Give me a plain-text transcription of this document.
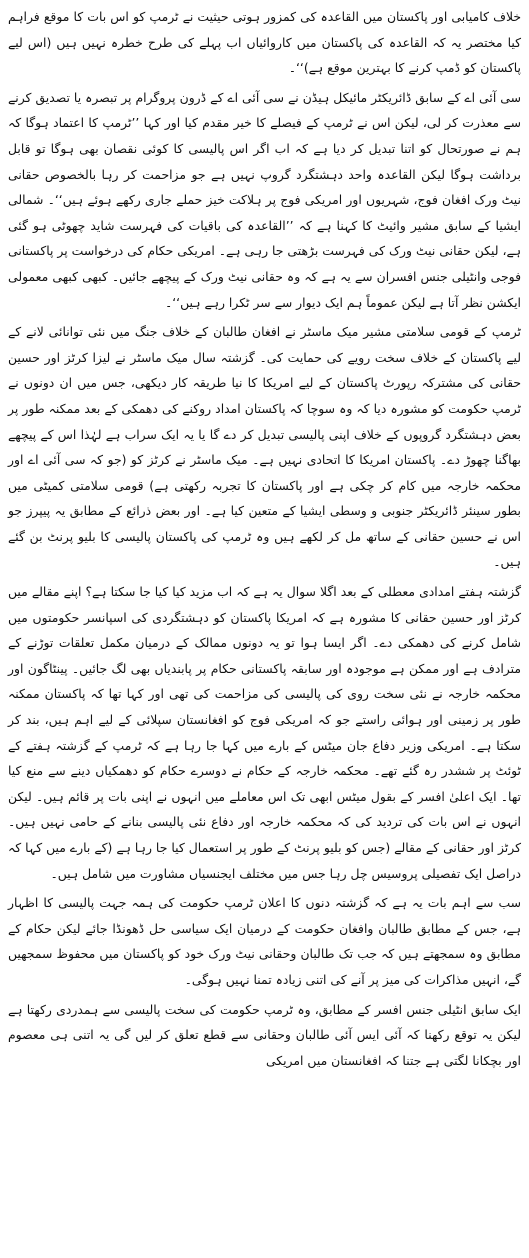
خلاف کامیابی اور پاکستان میں القاعدہ کی کمزور ہوتی حیثیت نے ٹرمپ کو اس بات کا موقع فراہم کیا مختصر یہ کہ القاعدہ کی پاکستان میں کاروائیاں اب پہلے کی طرح خطرہ نہیں ہیں (اس لیے پاکستان کو ڈمپ کرنے کا بہترین موقع ہے)‘‘۔

سی آئی اے کے سابق ڈائریکٹر مائیکل ہیڈن نے سی آئی اے کے ڈرون پروگرام پر تبصرہ یا تصدیق کرنے سے معذرت کر لی، لیکن اس نے ٹرمپ کے فیصلے کا خیر مقدم کیا اور کہا ’’ٹرمپ کا اعتماد ہوگا کہ ہم نے صورتحال کو اتنا تبدیل کر دیا ہے کہ اب اگر اس پالیسی کا کوئی نقصان بھی ہوگا تو قابل برداشت ہوگا لیکن القاعدہ واحد دہشتگرد گروپ نہیں ہے جو مزاحمت کر رہا بالخصوص حقانی نیٹ ورک افغان فوج، شہریوں اور امریکی فوج پر ہلاکت خیز حملے جاری رکھے ہوئے ہیں‘‘۔ شمالی ایشیا کے سابق مشیر وائیٹ کا کہنا ہے کہ ’’القاعدہ کی باقیات کی فہرست شاید چھوٹی ہو گئی ہے، لیکن حقانی نیٹ ورک کی فہرست بڑھتی جا رہی ہے۔ امریکی حکام کی درخواست پر پاکستانی فوجی وانٹیلی جنس افسران سے یہ ہے کہ وہ حقانی نیٹ ورک کے پیچھے جائیں۔ کبھی کبھی معمولی ایکشن نظر آتا ہے لیکن عموماً ہم ایک دیوار سے سر ٹکرا رہے ہیں‘‘۔

ٹرمپ کے قومی سلامتی مشیر میک ماسٹر نے افغان طالبان کے خلاف جنگ میں نئی توانائی لانے کے لیے پاکستان کے خلاف سخت رویے کی حمایت کی۔ گزشتہ سال میک ماسٹر نے لیزا کرٹز اور حسین حقانی کی مشترکہ رپورٹ پاکستان کے لیے امریکا کا نیا طریقہ کار دیکھی، جس میں ان دونوں نے ٹرمپ حکومت کو مشورہ دیا کہ وہ سوچا کہ پاکستان امداد روکنے کی دھمکی کے بعد ممکنہ طور پر بعض دہشتگرد گروپوں کے خلاف اپنی پالیسی تبدیل کر دے گا یا یہ ایک سراب ہے لہٰذا اس کے پیچھے بھاگنا چھوڑ دے۔ پاکستان امریکا کا اتحادی نہیں ہے۔ میک ماسٹر نے کرٹز کو (جو کہ سی آئی اے اور محکمہ خارجہ میں کام کر چکی ہے اور پاکستان کا تجربہ رکھتی ہے) قومی سلامتی کمیٹی میں بطور سینئر ڈائریکٹر جنوبی و وسطی ایشیا کے متعین کیا ہے۔ اور بعض ذرائع کے مطابق یہ پیپرز جو اس نے حسین حقانی کے ساتھ مل کر لکھے ہیں وہ ٹرمپ کی پاکستان پالیسی کا بلیو پرنٹ بن گئے ہیں۔

گزشتہ ہفتے امدادی معطلی کے بعد اگلا سوال یہ ہے کہ اب مزید کیا کیا جا سکتا ہے؟ اپنے مقالے میں کرٹز اور حسین حقانی کا مشورہ ہے کہ امریکا پاکستان کو دہشتگردی کی اسپانسر حکومتوں میں شامل کرنے کی دھمکی دے۔ اگر ایسا ہوا تو یہ دونوں ممالک کے درمیان مکمل تعلقات توڑنے کے مترادف ہے اور ممکن ہے موجودہ اور سابقہ پاکستانی حکام پر پابندیاں بھی لگ جائیں۔ پینٹاگون اور محکمہ خارجہ نے نئی سخت روی کی پالیسی کی مزاحمت کی تھی اور کہا تھا کہ پاکستان ممکنہ طور پر زمینی اور ہوائی راستے جو کہ امریکی فوج کو افغانستان سپلائی کے لیے اہم ہیں، بند کر سکتا ہے۔ امریکی وزیر دفاع جان میٹس کے بارے میں کہا جا رہا ہے کہ ٹرمپ کے گزشتہ ہفتے کے ٹوئٹ پر ششدر رہ گئے تھے۔ محکمہ خارجہ کے حکام نے دوسرے حکام کو دھمکیاں دینے سے منع کیا تھا۔ ایک اعلیٰ افسر کے بقول میٹس ابھی تک اس معاملے میں انہوں نے اپنی بات پر قائم ہیں۔ لیکن انہوں نے اس بات کی تردید کی کہ محکمہ خارجہ اور دفاع نئی پالیسی بنانے کے حامی نہیں ہیں۔ کرٹز اور حقانی کے مقالے (جس کو بلیو پرنٹ کے طور پر استعمال کیا جا رہا ہے (کے بارے میں کہا کہ دراصل ایک تفصیلی پروسیس چل رہا جس میں مختلف ایجنسیاں مشاورت میں شامل ہیں۔

سب سے اہم بات یہ ہے کہ گزشتہ دنوں کا اعلان ٹرمپ حکومت کی ہمہ جہت پالیسی کا اظہار ہے، جس کے مطابق طالبان وافغان حکومت کے درمیان ایک سیاسی حل ڈھونڈا جائے لیکن حکام کے مطابق وہ سمجھتے ہیں کہ جب تک طالبان وحقانی نیٹ ورک خود کو پاکستان میں محفوظ سمجھیں گے، انہیں مذاکرات کی میز پر آنے کی اتنی زیادہ تمنا نہیں ہوگی۔

ایک سابق انٹیلی جنس افسر کے مطابق، وہ ٹرمپ حکومت کی سخت پالیسی سے ہمدردی رکھتا ہے لیکن یہ توقع رکھنا کہ آئی ایس آئی طالبان وحقانی سے قطع تعلق کر لیں گی یہ اتنی ہی معصوم اور بچکانا لگتی ہے جتنا کہ افغانستان میں امریکی
